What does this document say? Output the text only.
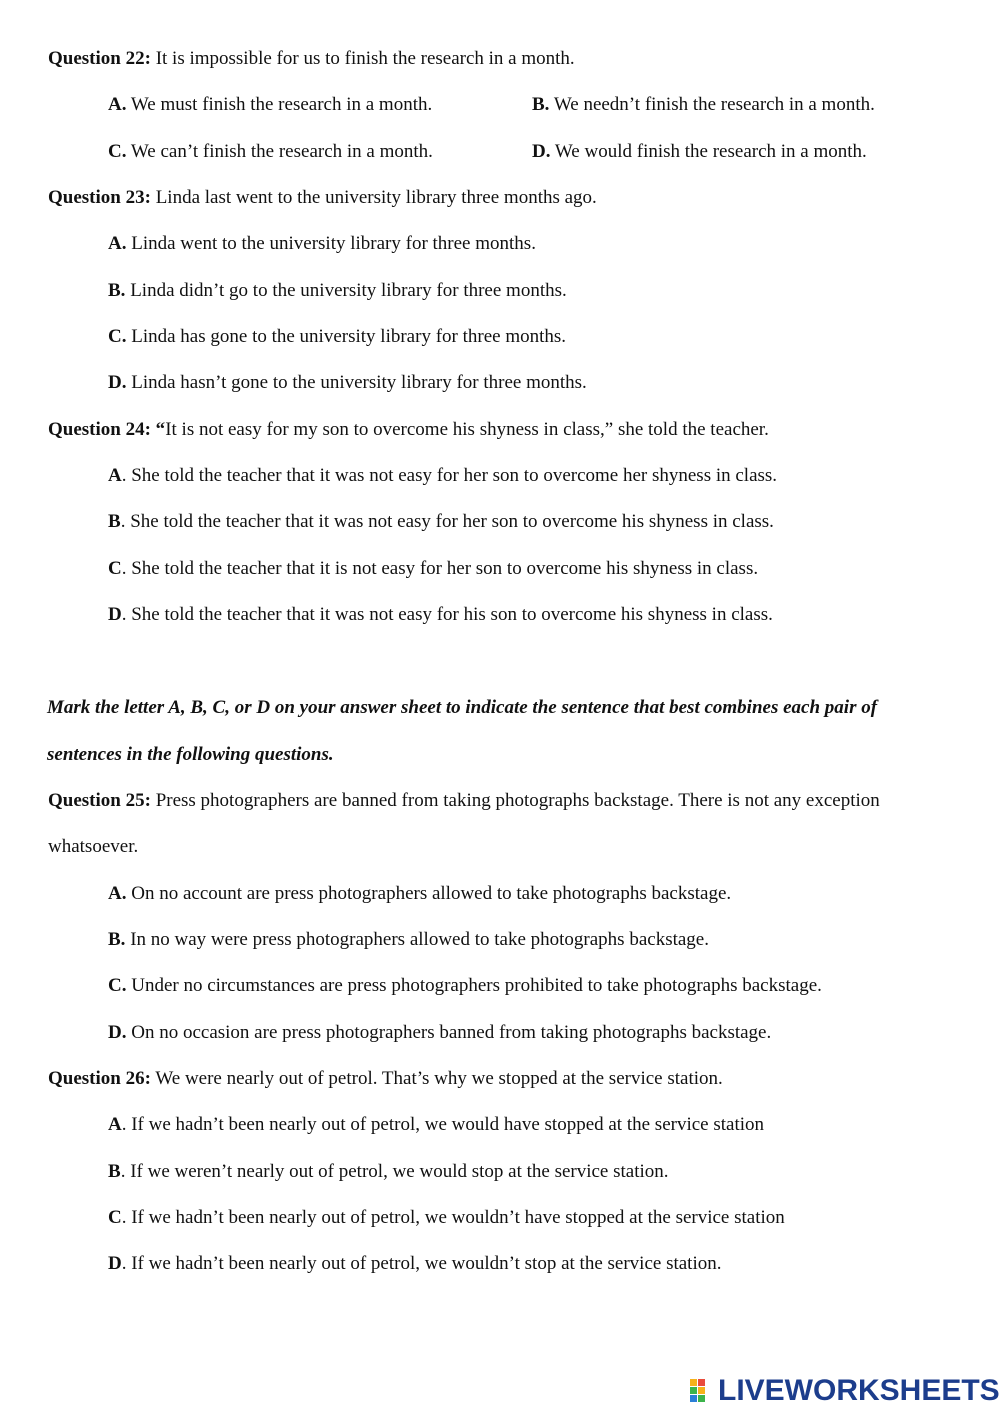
Question 22: It is impossible for us to finish the research in a month.
A. We must finish the research in a month.	B. We needn’t finish the research in a month.
C. We can’t finish the research in a month.	D. We would finish the research in a month.
Question 23: Linda last went to the university library three months ago.
A. Linda went to the university library for three months.
B. Linda didn’t go to the university library for three months.
C. Linda has gone to the university library for three months.
D. Linda hasn’t gone to the university library for three months.
Question 24: “It is not easy for my son to overcome his shyness in class,” she told the teacher.
A. She told the teacher that it was not easy for her son to overcome her shyness in class.
B. She told the teacher that it was not easy for her son to overcome his shyness in class.
C. She told the teacher that it is not easy for her son to overcome his shyness in class.
D. She told the teacher that it was not easy for his son to overcome his shyness in class.
Mark the letter A, B, C, or D on your answer sheet to indicate the sentence that best combines each pair of
sentences in the following questions.
Question 25: Press photographers are banned from taking photographs backstage. There is not any exception
whatsoever.
A. On no account are press photographers allowed to take photographs backstage.
B. In no way were press photographers allowed to take photographs backstage.
C. Under no circumstances are press photographers prohibited to take photographs backstage.
D. On no occasion are press photographers banned from taking photographs backstage.
Question 26: We were nearly out of petrol. That’s why we stopped at the service station.
A. If we hadn’t been nearly out of petrol, we would have stopped at the service station
B. If we weren’t nearly out of petrol, we would stop at the service station.
C. If we hadn’t been nearly out of petrol, we wouldn’t have stopped at the service station
D. If we hadn’t been nearly out of petrol, we wouldn’t stop at the service station.
LIVEWORKSHEETS
